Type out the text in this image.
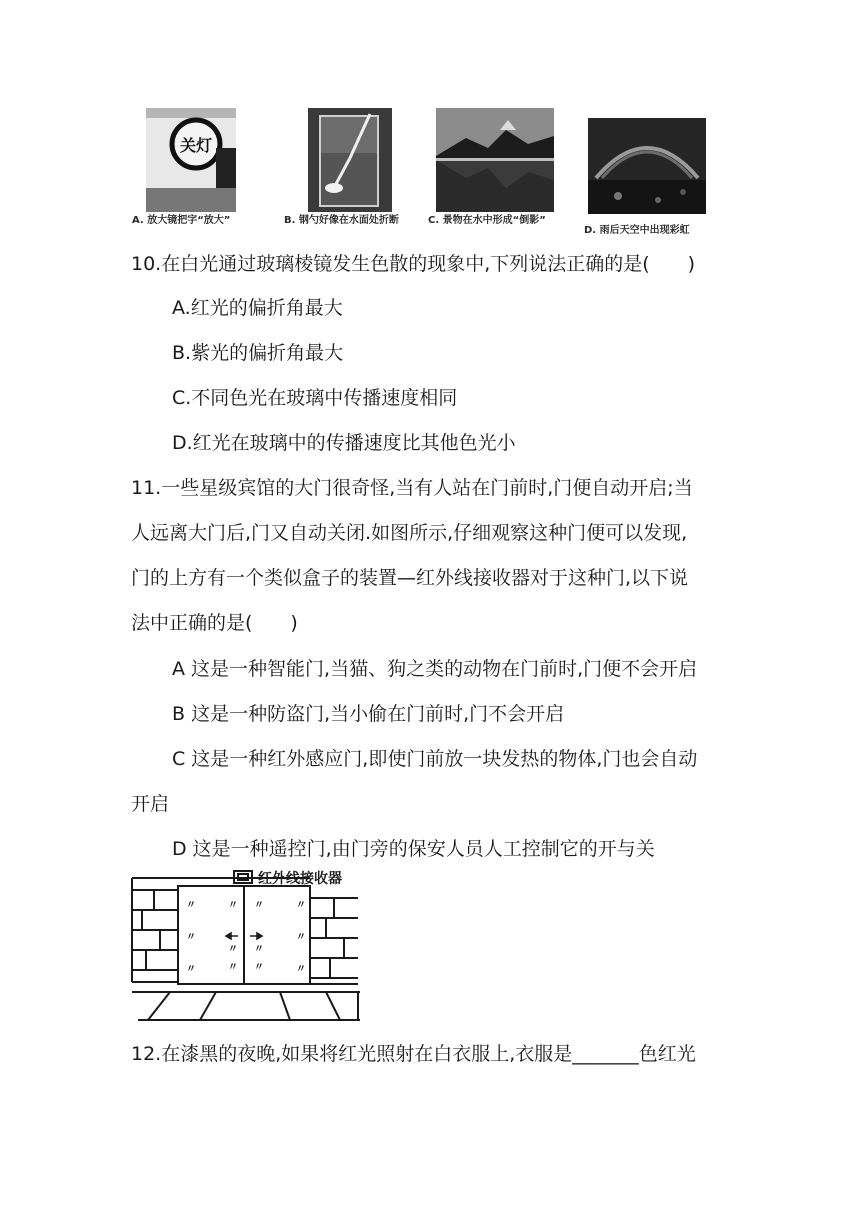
关灯
A. 放大镜把字“放大”	B. 钢勺好像在水面处折断	C. 景物在水中形成“倒影”
D. 雨后天空中出现彩虹
10.在白光通过玻璃棱镜发生色散的现象中,下列说法正确的是(　　)
A.红光的偏折角最大
B.紫光的偏折角最大
C.不同色光在玻璃中传播速度相同
D.红光在玻璃中的传播速度比其他色光小
11.一些星级宾馆的大门很奇怪,当有人站在门前时,门便自动开启;当
人远离大门后,门又自动关闭.如图所示,仔细观察这种门便可以发现,
门的上方有一个类似盒子的装置—红外线接收器对于这种门,以下说
法中正确的是(　　)
A 这是一种智能门,当猫、狗之类的动物在门前时,门便不会开启
B 这是一种防盗门,当小偷在门前时,门不会开启
C 这是一种红外感应门,即使门前放一块发热的物体,门也会自动
开启
D 这是一种遥控门,由门旁的保安人员人工控制它的开与关
红外线接收器
〃	〃 〃	〃
〃	〃
〃 〃
〃 〃
〃	〃
12.在漆黑的夜晚,如果将红光照射在白衣服上,衣服是_______色红光
